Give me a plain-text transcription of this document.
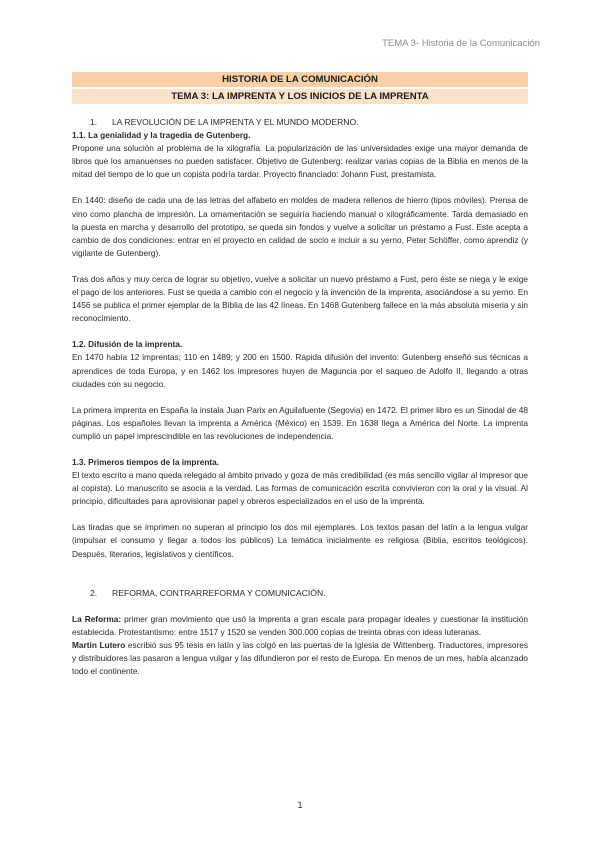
TEMA 3- Historia de la Comunicación
HISTORIA DE LA COMUNICACIÓN
TEMA 3: LA IMPRENTA Y LOS INICIOS DE LA IMPRENTA
1. LA REVOLUCIÓN DE LA IMPRENTA Y EL MUNDO MODERNO.
1.1. La genialidad y la tragedia de Gutenberg.

Propone una solución al problema de la xilografía. La popularización de las universidades exige una mayor demanda de libros que los amanuenses no pueden satisfacer. Objetivo de Gutenberg: realizar varias copias de la Biblia en menos de la mitad del tiempo de lo que un copista podría tardar. Proyecto financiado: Johann Fust, prestamista.

En 1440: diseño de cada una de las letras del alfabeto en moldes de madera rellenos de hierro (tipos móviles). Prensa de vino como plancha de impresión. La ornamentación se seguiría haciendo manual o xilográficamente. Tarda demasiado en la puesta en marcha y desarrollo del prototipo, se queda sin fondos y vuelve a solicitar un préstamo a Fust. Este acepta a cambio de dos condiciones: entrar en el proyecto en calidad de socio e incluir a su yerno, Peter Schöffer, como aprendiz (y vigilante de Gutenberg).

Tras dos años y muy cerca de lograr su objetivo, vuelve a solicitar un nuevo préstamo a Fust, pero éste se niega y le exige el pago de los anteriores. Fust se queda a cambio con el negocio y la invención de la imprenta, asociándose a su yerno. En 1456 se publica el primer ejemplar de la Biblia de las 42 líneas. En 1468 Gutenberg fallece en la más absoluta miseria y sin reconocimiento.

1.2. Difusión de la imprenta.

En 1470 había 12 imprentas; 110 en 1489; y 200 en 1500. Rápida difusión del invento: Gutenberg enseñó sus técnicas a aprendices de toda Europa, y en 1462 los impresores huyen de Maguncia por el saqueo de Adolfo II, llegando a otras ciudades con su negocio.

La primera imprenta en España la instala Juan Parix en Aguilafuente (Segovia) en 1472. El primer libro es un Sinodal de 48 páginas. Los españoles llevan la imprenta a América (México) en 1539. En 1638 llega a América del Norte. La imprenta cumplió un papel imprescindible en las revoluciones de independencia.

1.3. Primeros tiempos de la imprenta.

El texto escrito a mano queda relegado al ámbito privado y goza de más credibilidad (es más sencillo vigilar al impresor que al copista). Lo manuscrito se asocia a la verdad. Las formas de comunicación escrita convivieron con la oral y la visual. Al principio, dificultades para aprovisionar papel y obreros especializados en el uso de la imprenta.

Las tiradas que se imprimen no superan al principio los dos mil ejemplares. Los textos pasan del latín a la lengua vulgar (impulsar el consumo y llegar a todos los públicos) La temática inicialmente es religiosa (Biblia, escritos teológicos). Después, literarios, legislativos y científicos.

2. REFORMA, CONTRARREFORMA Y COMUNICACIÓN.

La Reforma: primer gran movimiento que usó la imprenta a gran escala para propagar ideales y cuestionar la institución establecida. Protestantismo: entre 1517 y 1520 se venden 300.000 copias de treinta obras con ideas luteranas.

Martin Lutero escribió sus 95 tesis en latín y las colgó en las puertas de la Iglesia de Wittenberg. Traductores, impresores y distribuidores las pasaron a lengua vulgar y las difundieron por el resto de Europa. En menos de un mes, había alcanzado todo el continente.

1
